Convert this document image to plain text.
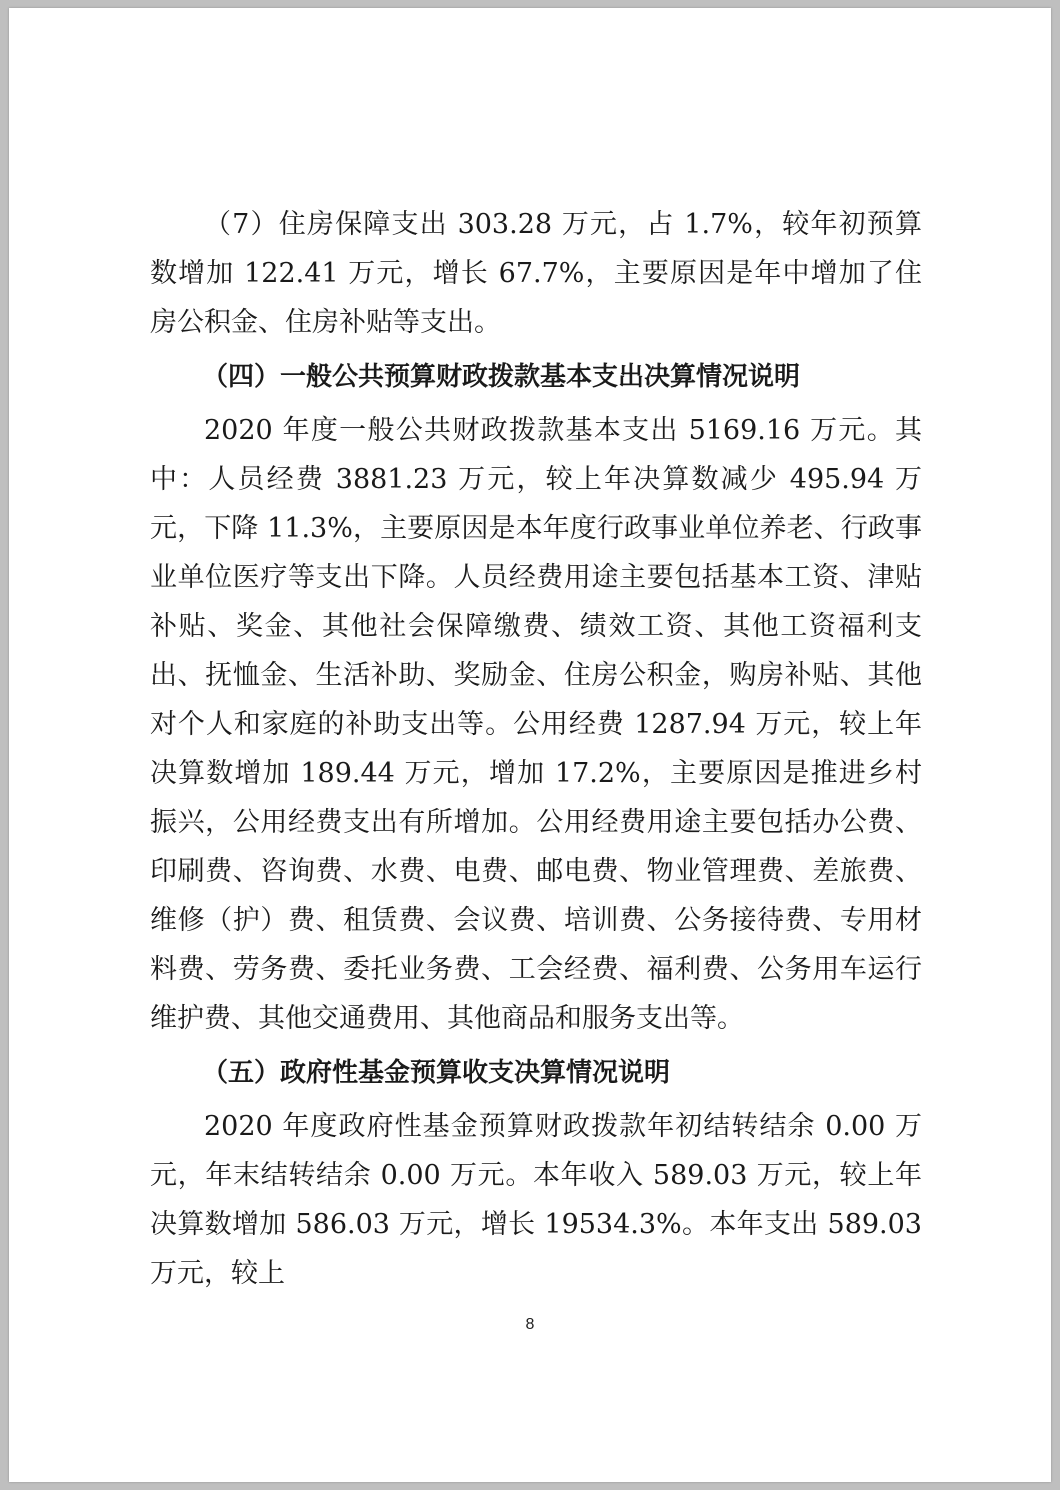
（7）住房保障支出 303.28 万元，占 1.7%，较年初预算数增加 122.41 万元，增长 67.7%，主要原因是年中增加了住房公积金、住房补贴等支出。

（四）一般公共预算财政拨款基本支出决算情况说明

2020 年度一般公共财政拨款基本支出 5169.16 万元。其中：人员经费 3881.23 万元，较上年决算数减少 495.94 万元，下降 11.3%，主要原因是本年度行政事业单位养老、行政事业单位医疗等支出下降。人员经费用途主要包括基本工资、津贴补贴、奖金、其他社会保障缴费、绩效工资、其他工资福利支出、抚恤金、生活补助、奖励金、住房公积金，购房补贴、其他对个人和家庭的补助支出等。公用经费 1287.94 万元，较上年决算数增加 189.44 万元，增加 17.2%，主要原因是推进乡村振兴，公用经费支出有所增加。公用经费用途主要包括办公费、印刷费、咨询费、水费、电费、邮电费、物业管理费、差旅费、维修（护）费、租赁费、会议费、培训费、公务接待费、专用材料费、劳务费、委托业务费、工会经费、福利费、公务用车运行维护费、其他交通费用、其他商品和服务支出等。

（五）政府性基金预算收支决算情况说明

2020 年度政府性基金预算财政拨款年初结转结余 0.00 万元，年末结转结余 0.00 万元。本年收入 589.03 万元，较上年决算数增加 586.03 万元，增长 19534.3%。本年支出 589.03 万元，较上

8
